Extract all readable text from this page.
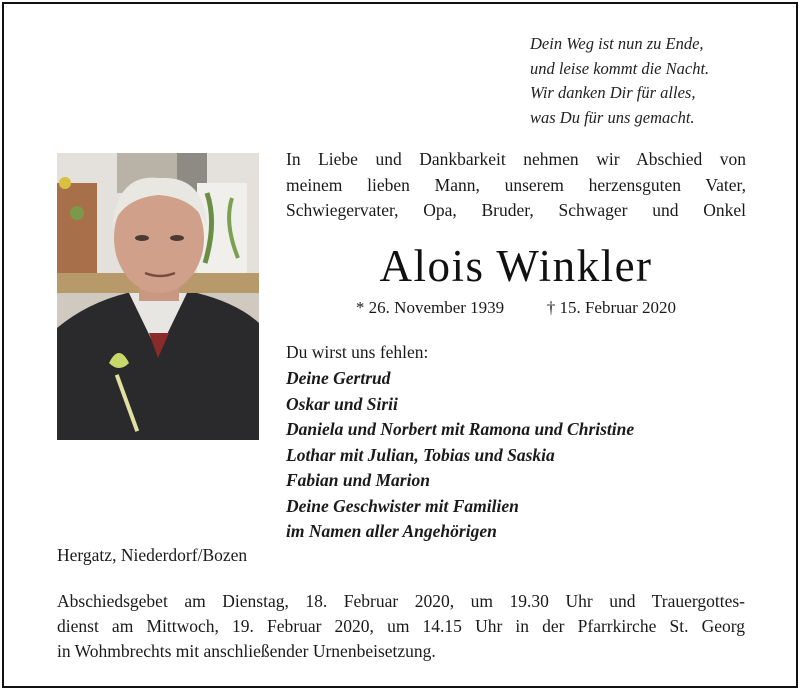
Dein Weg ist nun zu Ende,
und leise kommt die Nacht.
Wir danken Dir für alles,
was Du für uns gemacht.
In Liebe und Dankbarkeit nehmen wir Abschied von
meinem lieben Mann, unserem herzensguten Vater,
Schwiegervater, Opa, Bruder, Schwager und Onkel
Alois Winkler
* 26. November 1939	† 15. Februar 2020
Du wirst uns fehlen:
Deine Gertrud
Oskar und Sirii
Daniela und Norbert mit Ramona und Christine
Lothar mit Julian, Tobias und Saskia
Fabian und Marion
Deine Geschwister mit Familien
im Namen aller Angehörigen
Hergatz, Niederdorf/Bozen
Abschiedsgebet am Dienstag, 18. Februar 2020, um 19.30 Uhr und Trauergottes-
dienst am Mittwoch, 19. Februar 2020, um 14.15 Uhr in der Pfarrkirche St. Georg
in Wohmbrechts mit anschließender Urnenbeisetzung.
